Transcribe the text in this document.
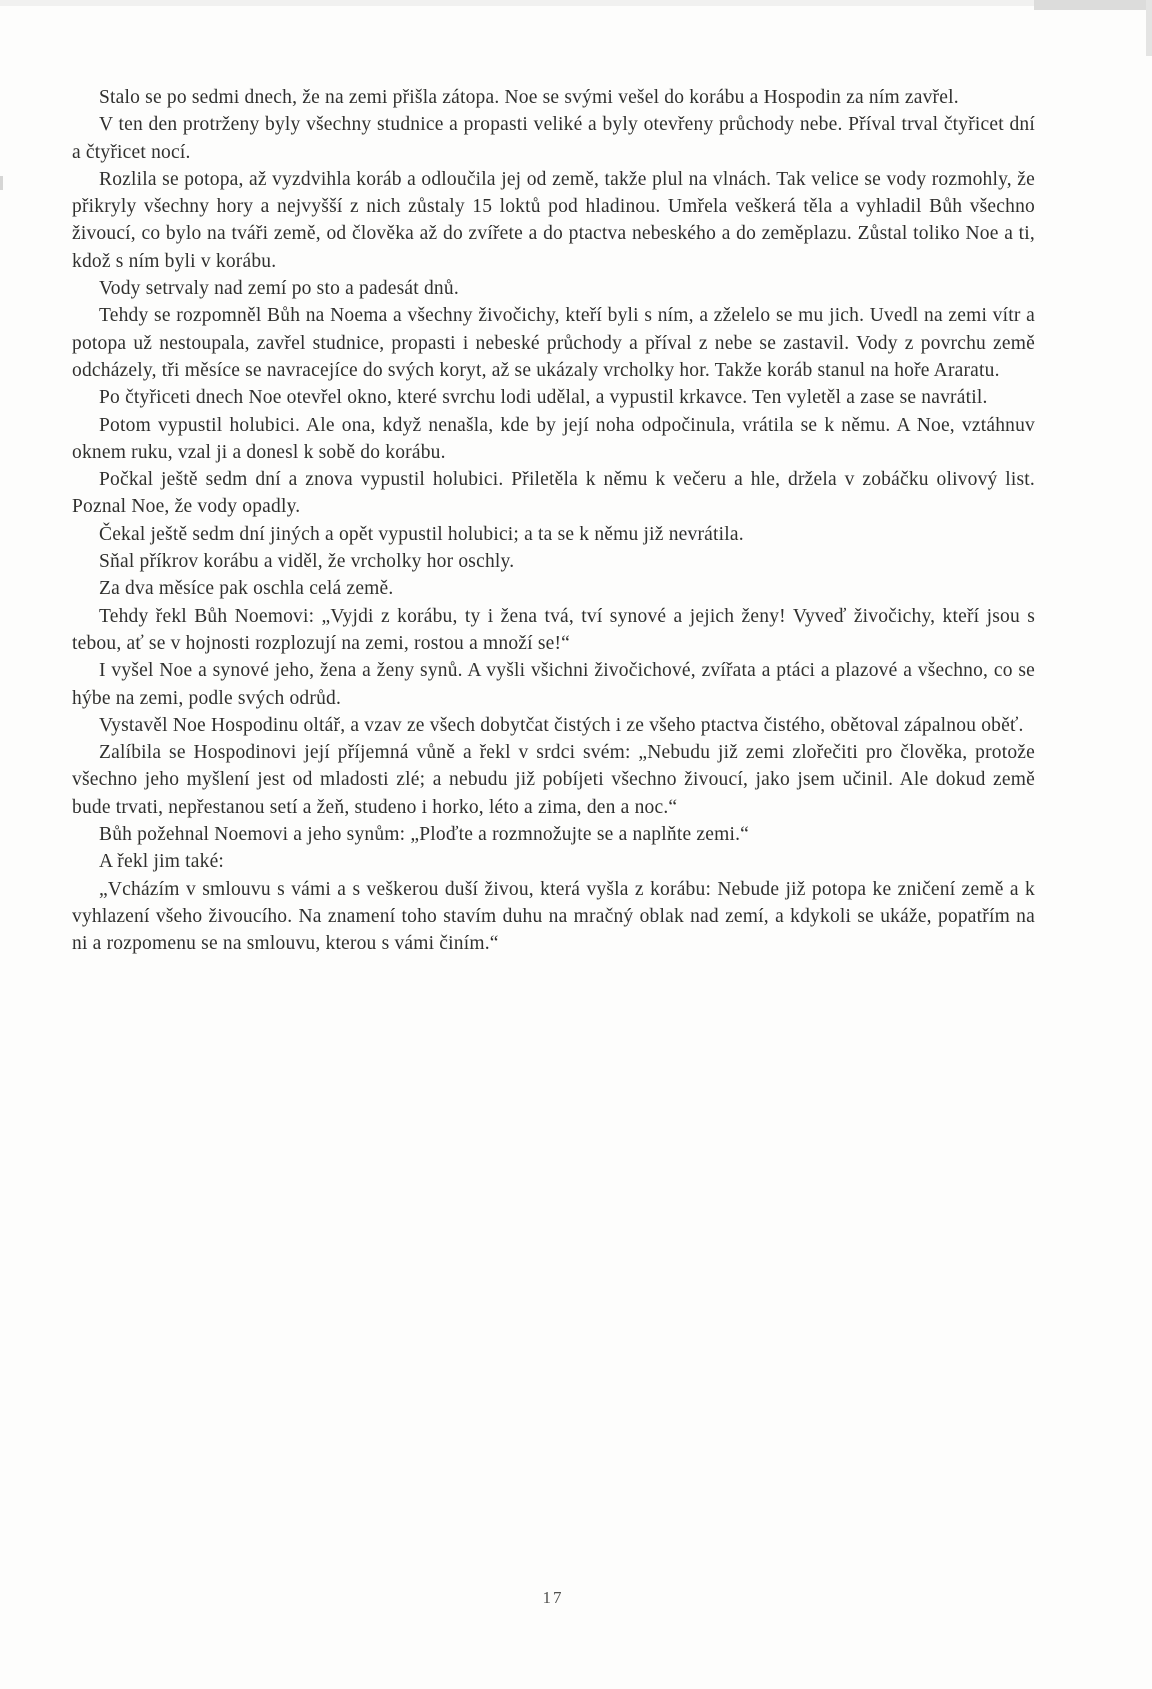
Stalo se po sedmi dnech, že na zemi přišla zátopa. Noe se svými vešel do korábu a Hospodin za ním zavřel.

V ten den protrženy byly všechny studnice a propasti veliké a byly otevřeny průchody nebe. Příval trval čtyřicet dní a čtyřicet nocí.

Rozlila se potopa, až vyzdvihla koráb a odloučila jej od země, takže plul na vlnách. Tak velice se vody rozmohly, že přikryly všechny hory a nejvyšší z nich zůstaly 15 loktů pod hladinou. Umřela veškerá těla a vyhladil Bůh všechno živoucí, co bylo na tváři země, od člověka až do zvířete a do ptactva nebeského a do zeměplazu. Zůstal toliko Noe a ti, kdož s ním byli v korábu.

Vody setrvaly nad zemí po sto a padesát dnů.

Tehdy se rozpomněl Bůh na Noema a všechny živočichy, kteří byli s ním, a zželelo se mu jich. Uvedl na zemi vítr a potopa už nestoupala, zavřel studnice, propasti i nebeské průchody a příval z nebe se zastavil. Vody z povrchu země odcházely, tři měsíce se navracejíce do svých koryt, až se ukázaly vrcholky hor. Takže koráb stanul na hoře Araratu.

Po čtyřiceti dnech Noe otevřel okno, které svrchu lodi udělal, a vypustil krkavce. Ten vyletěl a zase se navrátil.

Potom vypustil holubici. Ale ona, když nenašla, kde by její noha odpočinula, vrátila se k němu. A Noe, vztáhnuv oknem ruku, vzal ji a donesl k sobě do korábu.

Počkal ještě sedm dní a znova vypustil holubici. Přiletěla k němu k večeru a hle, držela v zobáčku olivový list. Poznal Noe, že vody opadly.

Čekal ještě sedm dní jiných a opět vypustil holubici; a ta se k němu již nevrátila.

Sňal příkrov korábu a viděl, že vrcholky hor oschly.

Za dva měsíce pak oschla celá země.

Tehdy řekl Bůh Noemovi: „Vyjdi z korábu, ty i žena tvá, tví synové a jejich ženy! Vyveď živočichy, kteří jsou s tebou, ať se v hojnosti rozplozují na zemi, rostou a množí se!“

I vyšel Noe a synové jeho, žena a ženy synů. A vyšli všichni živočichové, zvířata a ptáci a plazové a všechno, co se hýbe na zemi, podle svých odrůd.

Vystavěl Noe Hospodinu oltář, a vzav ze všech dobytčat čistých i ze všeho ptactva čistého, obětoval zápalnou oběť.

Zalíbila se Hospodinovi její příjemná vůně a řekl v srdci svém: „Nebudu již zemi zlořečiti pro člověka, protože všechno jeho myšlení jest od mladosti zlé; a nebudu již pobíjeti všechno živoucí, jako jsem učinil. Ale dokud země bude trvati, nepřestanou setí a žeň, studeno i horko, léto a zima, den a noc.“

Bůh požehnal Noemovi a jeho synům: „Ploďte a rozmnožujte se a naplňte zemi.“

A řekl jim také:

„Vcházím v smlouvu s vámi a s veškerou duší živou, která vyšla z korábu: Nebude již potopa ke zničení země a k vyhlazení všeho živoucího. Na znamení toho stavím duhu na mračný oblak nad zemí, a kdykoli se ukáže, popatřím na ni a rozpomenu se na smlouvu, kterou s vámi činím.“

17
